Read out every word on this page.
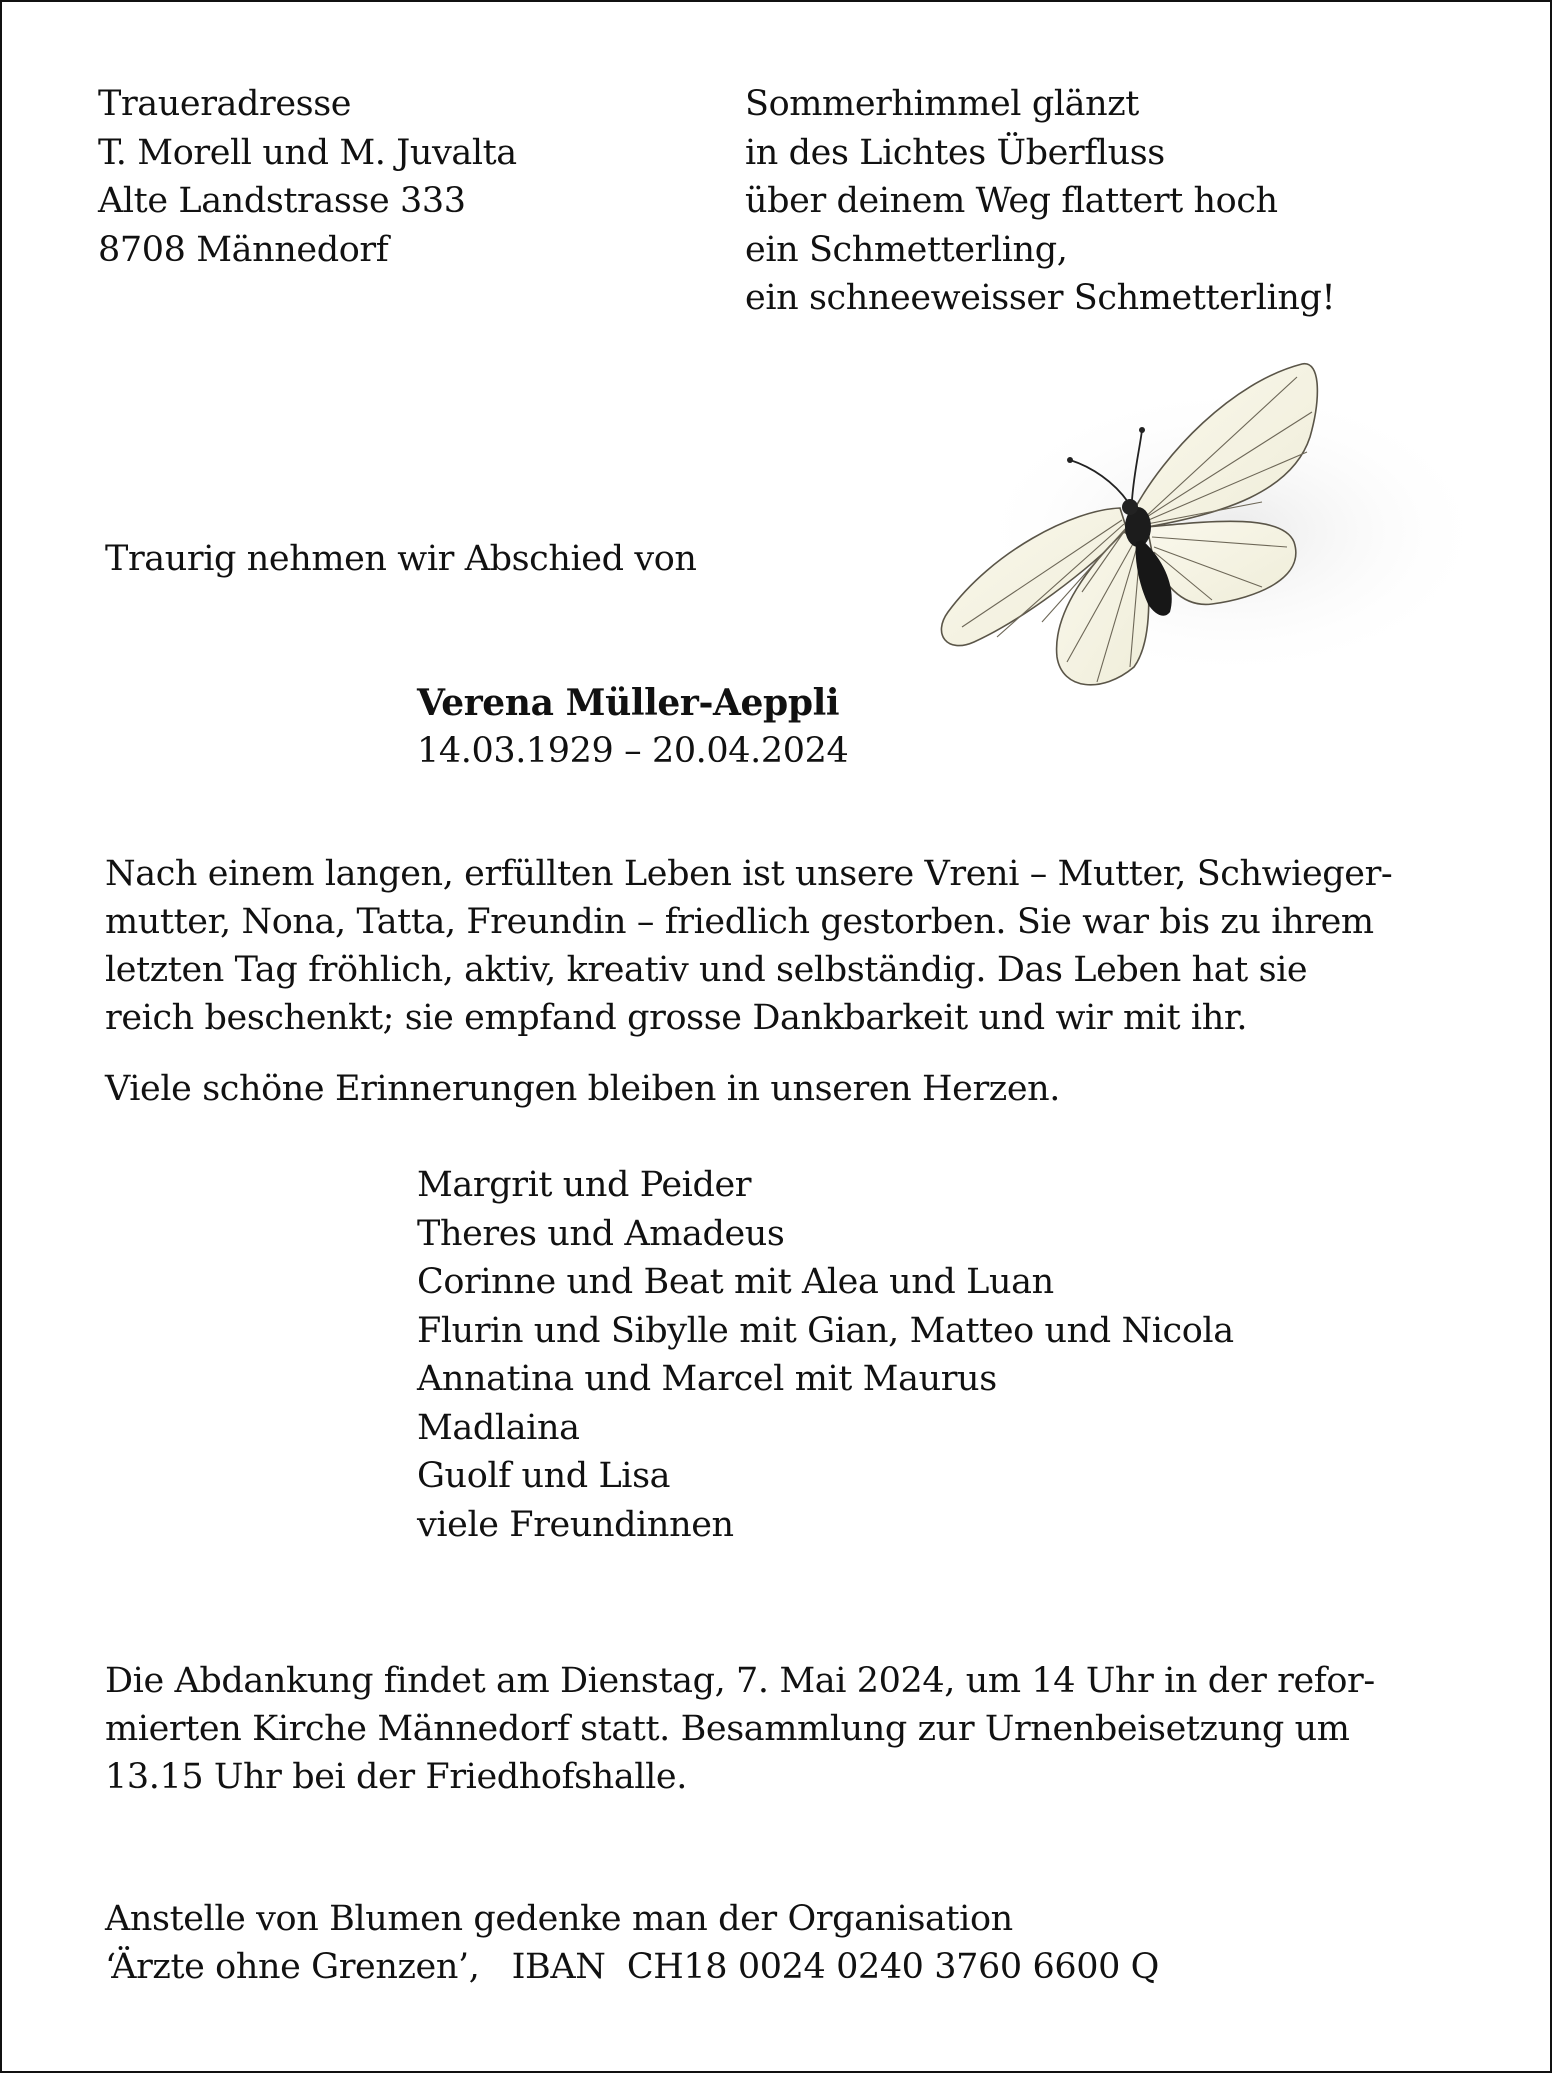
Traueradresse
T. Morell und M. Juvalta
Alte Landstrasse 333
8708 Männedorf
Sommerhimmel glänzt
in des Lichtes Überfluss
über deinem Weg flattert hoch
ein Schmetterling,
ein schneeweisser Schmetterling!
Traurig nehmen wir Abschied von
Verena Müller-Aeppli
14.03.1929 – 20.04.2024
Nach einem langen, erfüllten Leben ist unsere Vreni – Mutter, Schwieger-
mutter, Nona, Tatta, Freundin – friedlich gestorben. Sie war bis zu ihrem
letzten Tag fröhlich, aktiv, kreativ und selbständig. Das Leben hat sie
reich beschenkt; sie empfand grosse Dankbarkeit und wir mit ihr.
Viele schöne Erinnerungen bleiben in unseren Herzen.
Margrit und Peider
Theres und Amadeus
Corinne und Beat mit Alea und Luan
Flurin und Sibylle mit Gian, Matteo und Nicola
Annatina und Marcel mit Maurus
Madlaina
Guolf und Lisa
viele Freundinnen
Die Abdankung findet am Dienstag, 7. Mai 2024, um 14 Uhr in der refor-
mierten Kirche Männedorf statt. Besammlung zur Urnenbeisetzung um
13.15 Uhr bei der Friedhofshalle.
Anstelle von Blumen gedenke man der Organisation
‘Ärzte ohne Grenzen’,   IBAN  CH18 0024 0240 3760 6600 Q
